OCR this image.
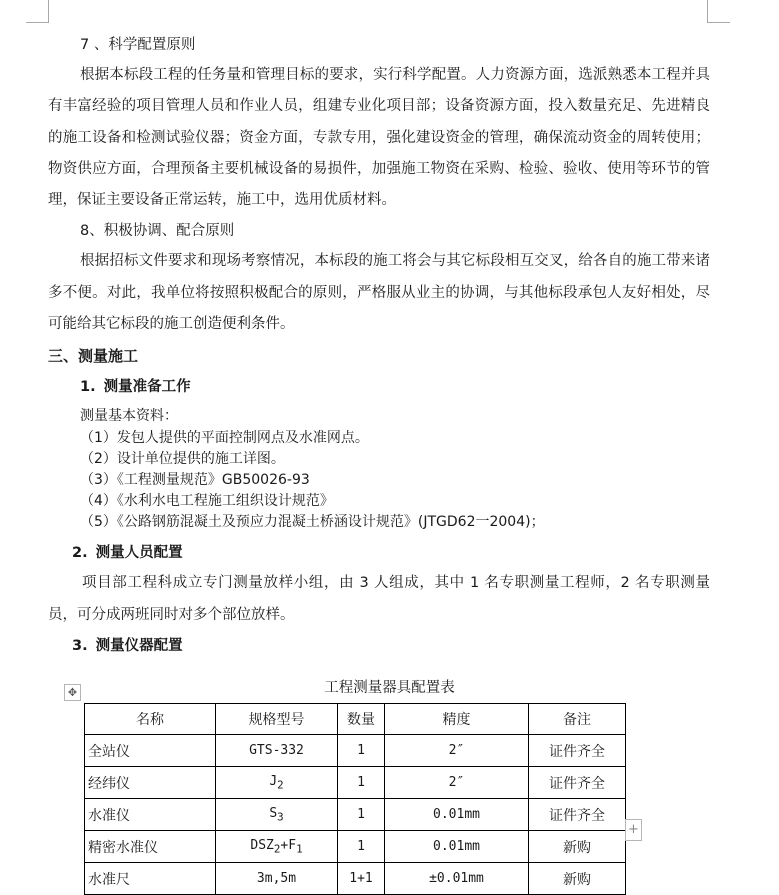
7 、科学配置原则

根据本标段工程的任务量和管理目标的要求，实行科学配置。人力资源方面，选派熟悉本工程并具有丰富经验的项目管理人员和作业人员，组建专业化项目部；设备资源方面，投入数量充足、先进精良的施工设备和检测试验仪器；资金方面，专款专用，强化建设资金的管理，确保流动资金的周转使用；物资供应方面，合理预备主要机械设备的易损件，加强施工物资在采购、检验、验收、使用等环节的管理，保证主要设备正常运转，施工中，选用优质材料。

8、积极协调、配合原则

根据招标文件要求和现场考察情况，本标段的施工将会与其它标段相互交叉，给各自的施工带来诸多不便。对此，我单位将按照积极配合的原则，严格服从业主的协调，与其他标段承包人友好相处，尽可能给其它标段的施工创造便利条件。

三、测量施工

1. 测量准备工作

测量基本资料：

（1）发包人提供的平面控制网点及水准网点。

（2）设计单位提供的施工详图。

（3）《工程测量规范》GB50026-93

（4）《水利水电工程施工组织设计规范》

（5）《公路钢筋混凝土及预应力混凝土桥涵设计规范》(JTGD62一2004)；

2. 测量人员配置

项目部工程科成立专门测量放样小组，由 3 人组成，其中 1 名专职测量工程师，2 名专职测量员，可分成两班同时对多个部位放样。

3. 测量仪器配置

工程测量器具配置表
✥
名称	规格型号	数量	精度	备注
全站仪	GTS-332	1	2″	证件齐全
经纬仪	$J_2$	1	2″	证件齐全
水准仪	$S_3$	1	0.01mm	证件齐全
精密水准仪	$DSZ_2+F_1$	1	0.01mm	新购
水准尺	3m,5m	1+1	±0.01mm	新购
+
